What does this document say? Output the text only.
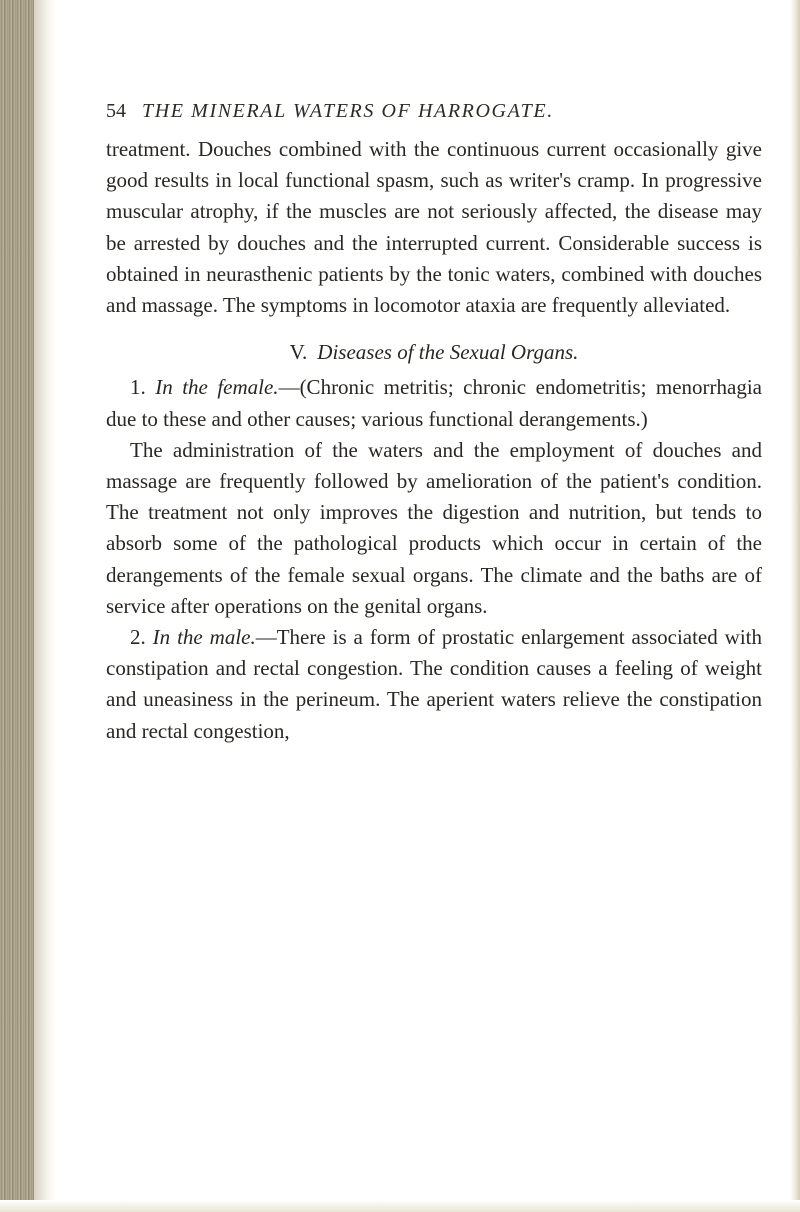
54 THE MINERAL WATERS OF HARROGATE.

treatment. Douches combined with the continuous current occasionally give good results in local functional spasm, such as writer's cramp. In progressive muscular atrophy, if the muscles are not seriously affected, the disease may be arrested by douches and the interrupted current. Considerable success is obtained in neurasthenic patients by the tonic waters, combined with douches and massage. The symptoms in locomotor ataxia are frequently alleviated.

V. Diseases of the Sexual Organs.

1. In the female.—(Chronic metritis; chronic endometritis; menorrhagia due to these and other causes; various functional derangements.)

The administration of the waters and the employment of douches and massage are frequently followed by amelioration of the patient's condition. The treatment not only improves the digestion and nutrition, but tends to absorb some of the pathological products which occur in certain of the derangements of the female sexual organs. The climate and the baths are of service after operations on the genital organs.

2. In the male.—There is a form of prostatic enlargement associated with constipation and rectal congestion. The condition causes a feeling of weight and uneasiness in the perineum. The aperient waters relieve the constipation and rectal congestion,
